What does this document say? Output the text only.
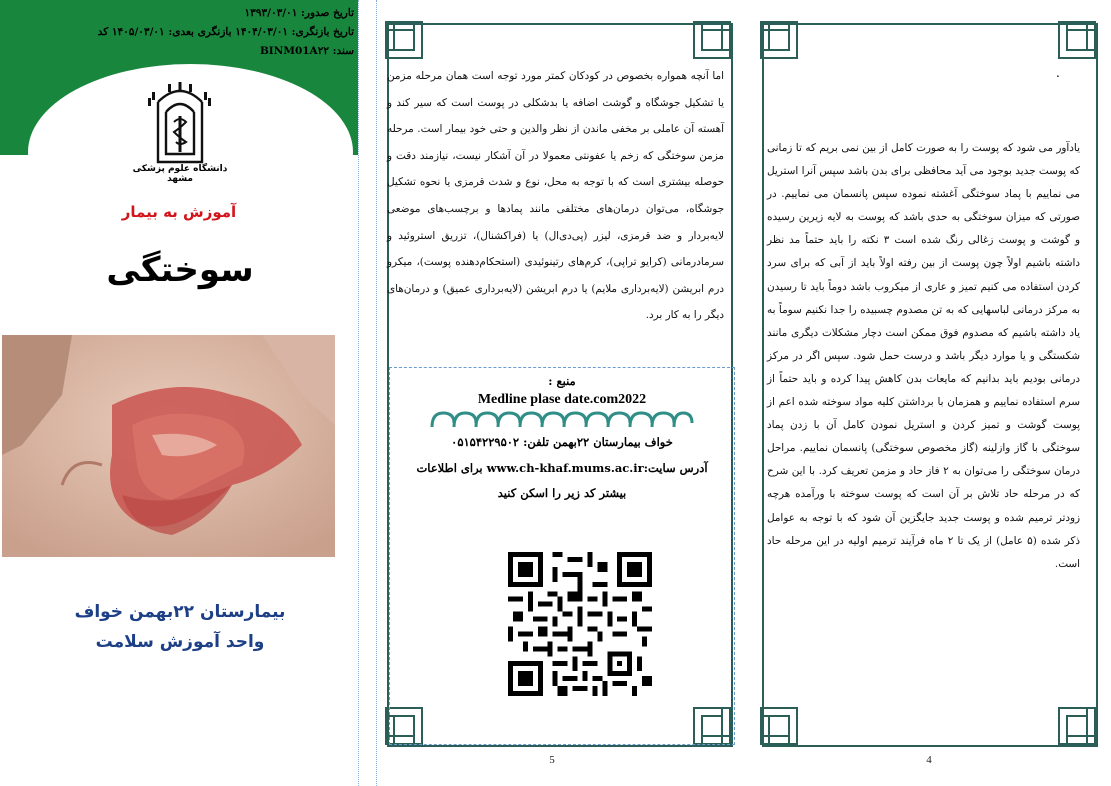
تاریخ صدور: ۱۳۹۳/۰۳/۰۱
تاریخ بازنگری: ۱۴۰۴/۰۳/۰۱ بازنگری بعدی: ۱۴۰۵/۰۳/۰۱ کد
سند: BINM01A۲۲
دانشگاه علوم پزشکی مشهد
آموزش به بیمار
سوختگی
بیمارستان ۲۲بهمن خواف
واحد آموزش سلامت
اما آنچه همواره بخصوص در کودکان کمتر مورد توجه است همان مرحله مزمن یا تشکیل جوشگاه و گوشت اضافه یا بدشکلی در پوست است که سیر کند و آهسته آن عاملی بر مخفی ماندن از نظر والدین و حتی خود بیمار است. مرحله مزمن سوختگی که زخم یا عفونتی معمولا در آن آشکار نیست، نیازمند دقت و حوصله بیشتری است که با توجه به محل، نوع و شدت قرمزی یا نحوه تشکیل جوشگاه، می‌توان درمان‌های مختلفی مانند پمادها و برچسب‌های موضعی لایه‌بردار و ضد قرمزی، لیزر (پی‌دی‌ال) یا (فراکشنال)، تزریق استروئید و سرمادرمانی (کرایو تراپی)، کرم‌های رتینوئیدی (استحکام‌دهنده پوست)، میکرو درم ابریشن (لایه‌برداری ملایم) یا درم ابریشن (لایه‌برداری عمیق) و درمان‌های دیگر را به کار برد.
منبع :
Medline plase date.com2022
خواف بیمارستان ۲۲بهمن تلفن: ۰۵۱۵۴۲۲۹۵۰۲
آدرس سایت:www.ch-khaf.mums.ac.ir برای اطلاعات
بیشتر کد زیر را اسکن کنید
5
.
یادآور می شود که پوست را به صورت کامل از بین نمی بریم که تا زمانی که پوست جدید بوجود می آید محافظی برای بدن باشد سپس آنرا استریل می نماییم با پماد سوختگی آغشته نموده سپس پانسمان می نماییم. در صورتی که میزان سوختگی به حدی باشد که پوست به لایه زیرین رسیده و گوشت و پوست زغالی رنگ شده است ۳ نکته را باید حتماً مد نظر داشته باشیم اولاً چون پوست از بین رفته اولاً باید از آبی که برای سرد کردن استفاده می کنیم تمیز و عاری از میکروب باشد دوماً باید تا رسیدن به مرکز درمانی لباسهایی که به تن مصدوم چسبیده را جدا نکنیم سوماً به یاد داشته باشیم که مصدوم فوق ممکن است دچار مشکلات دیگری مانند شکستگی و یا موارد دیگر باشد و درست حمل شود. سپس اگر در مرکز درمانی بودیم باید بدانیم که مایعات بدن کاهش پیدا کرده و باید حتماً از سرم استفاده نماییم و همزمان با برداشتن کلیه مواد سوخته شده اعم از پوست گوشت و تمیز کردن و استریل نمودن کامل آن با زدن پماد سوختگی با گاز وازلینه (گاز مخصوص سوختگی) پانسمان نماییم. مراحل درمان سوختگی را می‌توان به ۲ فاز حاد و مزمن تعریف کرد. با این شرح که در مرحله حاد تلاش بر آن است که پوست سوخته با ورآمده هرچه زودتر ترمیم شده و پوست جدید جایگزین آن شود که با توجه به عوامل ذکر شده (۵ عامل) از یک تا ۲ ماه فرآیند ترمیم اولیه در این مرحله حاد است.
4
